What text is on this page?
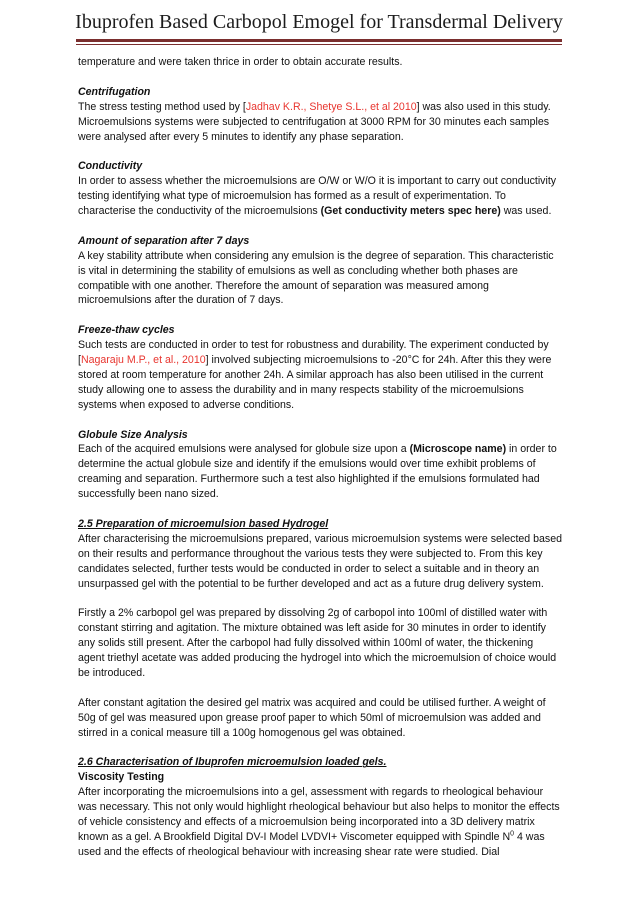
Ibuprofen Based Carbopol Emogel for Transdermal Delivery

temperature and were taken thrice in order to obtain accurate results.

Centrifugation
The stress testing method used by [Jadhav K.R., Shetye S.L., et al 2010] was also used in this study. Microemulsions systems were subjected to centrifugation at 3000 RPM for 30 minutes each samples were analysed after every 5 minutes to identify any phase separation.

Conductivity
In order to assess whether the microemulsions are O/W or W/O it is important to carry out conductivity testing identifying what type of microemulsion has formed as a result of experimentation. To characterise the conductivity of the microemulsions (Get conductivity meters spec here) was used.

Amount of separation after 7 days
A key stability attribute when considering any emulsion is the degree of separation. This characteristic is vital in determining the stability of emulsions as well as concluding whether both phases are compatible with one another. Therefore the amount of separation was measured among microemulsions after the duration of 7 days.

Freeze-thaw cycles
Such tests are conducted in order to test for robustness and durability. The experiment conducted by [Nagaraju M.P., et al., 2010] involved subjecting microemulsions to -20°C for 24h. After this they were stored at room temperature for another 24h. A similar approach has also been utilised in the current study allowing one to assess the durability and in many respects stability of the microemulsions systems when exposed to adverse conditions.

Globule Size Analysis
Each of the acquired emulsions were analysed for globule size upon a (Microscope name) in order to determine the actual globule size and identify if the emulsions would over time exhibit problems of creaming and separation. Furthermore such a test also highlighted if the emulsions formulated had successfully been nano sized.

2.5 Preparation of microemulsion based Hydrogel
After characterising the microemulsions prepared, various microemulsion systems were selected based on their results and performance throughout the various tests they were subjected to. From this key candidates selected, further tests would be conducted in order to select a suitable and in theory an unsurpassed gel with the potential to be further developed and act as a future drug delivery system.

Firstly a 2% carbopol gel was prepared by dissolving 2g of carbopol into 100ml of distilled water with constant stirring and agitation. The mixture obtained was left aside for 30 minutes in order to identify any solids still present. After the carbopol had fully dissolved within 100ml of water, the thickening agent triethyl acetate was added producing the hydrogel into which the microemulsion of choice would be introduced.

After constant agitation the desired gel matrix was acquired and could be utilised further. A weight of 50g of gel was measured upon grease proof paper to which 50ml of microemulsion was added and stirred in a conical measure till a 100g homogenous gel was obtained.

2.6 Characterisation of Ibuprofen microemulsion loaded gels.
Viscosity Testing
After incorporating the microemulsions into a gel, assessment with regards to rheological behaviour was necessary. This not only would highlight rheological behaviour but also helps to monitor the effects of vehicle consistency and effects of a microemulsion being incorporated into a 3D delivery matrix known as a gel. A Brookfield Digital DV-I Model LVDVI+ Viscometer equipped with Spindle $N^0$ 4 was used and the effects of rheological behaviour with increasing shear rate were studied. Dial
